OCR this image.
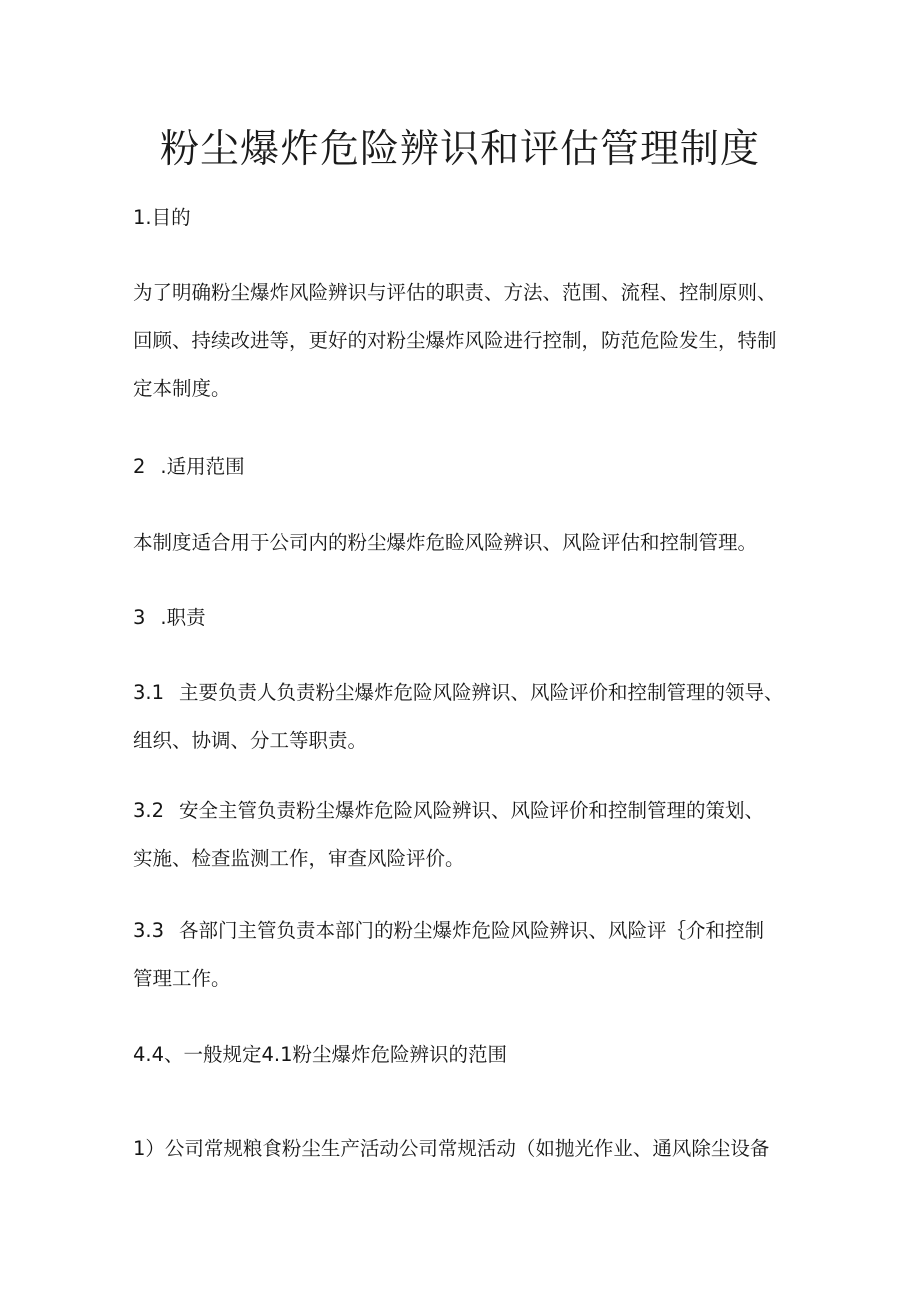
粉尘爆炸危险辨识和评估管理制度
1.目的
为了明确粉尘爆炸风险辨识与评估的职责、方法、范围、流程、控制原则、
回顾、持续改进等，更好的对粉尘爆炸风险进行控制，防范危险发生，特制
定本制度。
2 .适用范围
本制度适合用于公司内的粉尘爆炸危睑风险辨识、风险评估和控制管理。
3 .职责
3.1 主要负责人负责粉尘爆炸危险风险辨识、风险评价和控制管理的领导、
组织、协调、分工等职责。
3.2 安全主管负责粉尘爆炸危险风险辨识、风险评价和控制管理的策划、
实施、检查监测工作，审查风险评价。
3.3 各部门主管负责本部门的粉尘爆炸危险风险辨识、风险评｛介和控制
管理工作。
4.4、一般规定4.1粉尘爆炸危险辨识的范围
1）公司常规粮食粉尘生产活动公司常规活动（如抛光作业、通风除尘设备
